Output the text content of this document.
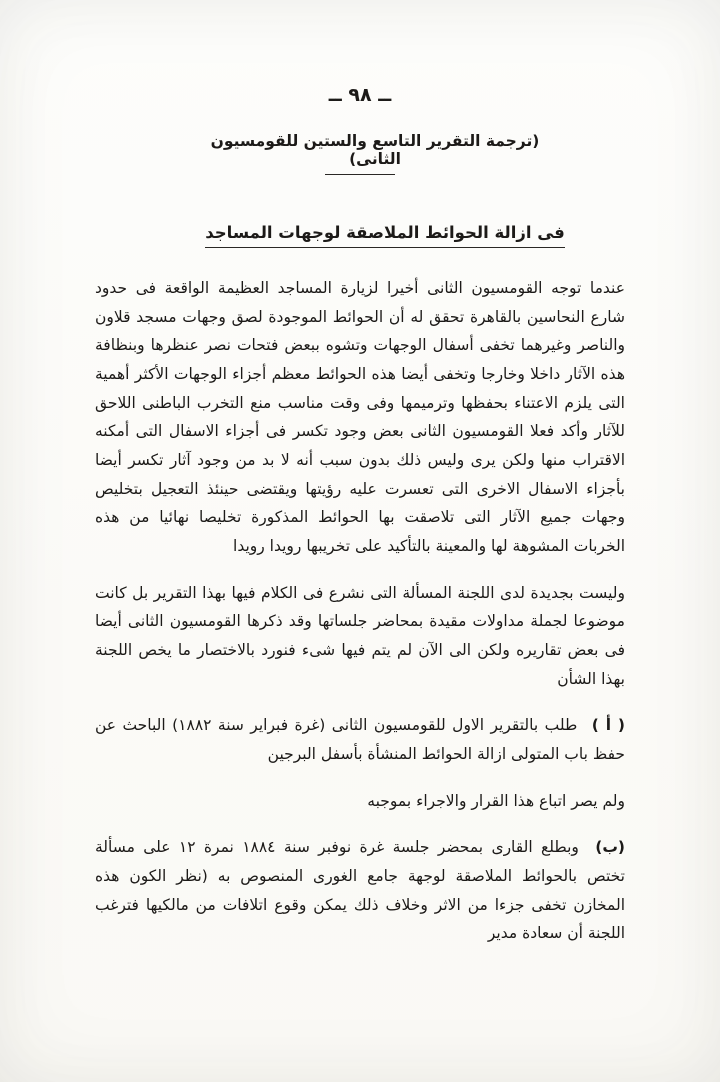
ــ ٩٨ ــ
(ترجمة التقرير التاسع والستين للقومسيون الثانى)
فى ازالة الحوائط الملاصقة لوجهات المساجد

عندما توجه القومسيون الثانى أخيرا لزيارة المساجد العظيمة الواقعة فى حدود شارع النحاسين بالقاهرة تحقق له أن الحوائط الموجودة لصق وجهات مسجد قلاون والناصر وغيرهما تخفى أسفال الوجهات وتشوه ببعض فتحات نصر عنظرها وبنظافة هذه الآثار داخلا وخارجا وتخفى أيضا هذه الحوائط معظم أجزاء الوجهات الأكثر أهمية التى يلزم الاعتناء بحفظها وترميمها وفى وقت مناسب منع التخرب الباطنى اللاحق للآثار وأكد فعلا القومسيون الثانى بعض وجود تكسر فى أجزاء الاسفال التى أمكنه الاقتراب منها ولكن يرى وليس ذلك بدون سبب أنه لا بد من وجود آثار تكسر أيضا بأجزاء الاسفال الاخرى التى تعسرت عليه رؤيتها ويقتضى حينئذ التعجيل بتخليص وجهات جميع الآثار التى تلاصقت بها الحوائط المذكورة تخليصا نهائيا من هذه الخربات المشوهة لها والمعينة بالتأكيد على تخريبها رويدا رويدا

وليست بجديدة لدى اللجنة المسألة التى نشرع فى الكلام فيها بهذا التقرير بل كانت موضوعا لجملة مداولات مقيدة بمحاضر جلساتها وقد ذكرها القومسيون الثانى أيضا فى بعض تقاريره ولكن الى الآن لم يتم فيها شىء فنورد بالاختصار ما يخص اللجنة بهذا الشأن

( أ ) طلب بالتقرير الاول للقومسيون الثانى (غرة فبراير سنة ١٨٨٢) الباحث عن حفظ باب المتولى ازالة الحوائط المنشأة بأسفل البرجين

ولم يصر اتباع هذا القرار والاجراء بموجبه

(ب) وبطلع القارى بمحضر جلسة غرة نوفبر سنة ١٨٨٤ نمرة ١٢ على مسألة تختص بالحوائط الملاصقة لوجهة جامع الغورى المنصوص به (نظر الكون هذه المخازن تخفى جزءا من الاثر وخلاف ذلك يمكن وقوع اتلافات من مالكيها فترغب اللجنة أن سعادة مدير
